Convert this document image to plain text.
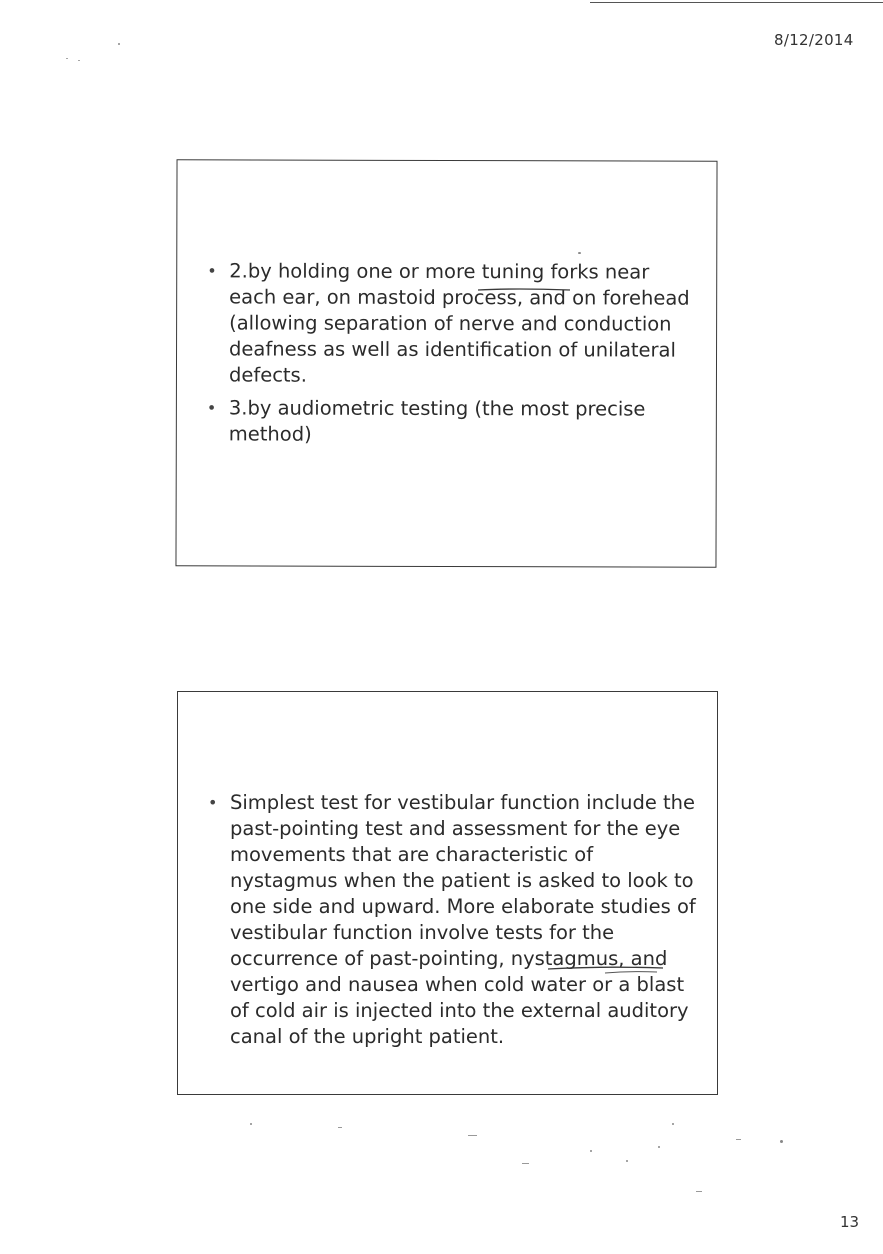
8/12/2014
• 2.by holding one or more tuning forks near each ear, on mastoid process, and on forehead (allowing separation of nerve and conduction deafness as well as identification of unilateral defects.
• 3.by audiometric testing (the most precise method)
• Simplest test for vestibular function include the past-pointing test and assessment for the eye movements that are characteristic of nystagmus when the patient is asked to look to one side and upward. More elaborate studies of vestibular function involve tests for the occurrence of past-pointing, nystagmus, and vertigo and nausea when cold water or a blast of cold air is injected into the external auditory canal of the upright patient.
13
